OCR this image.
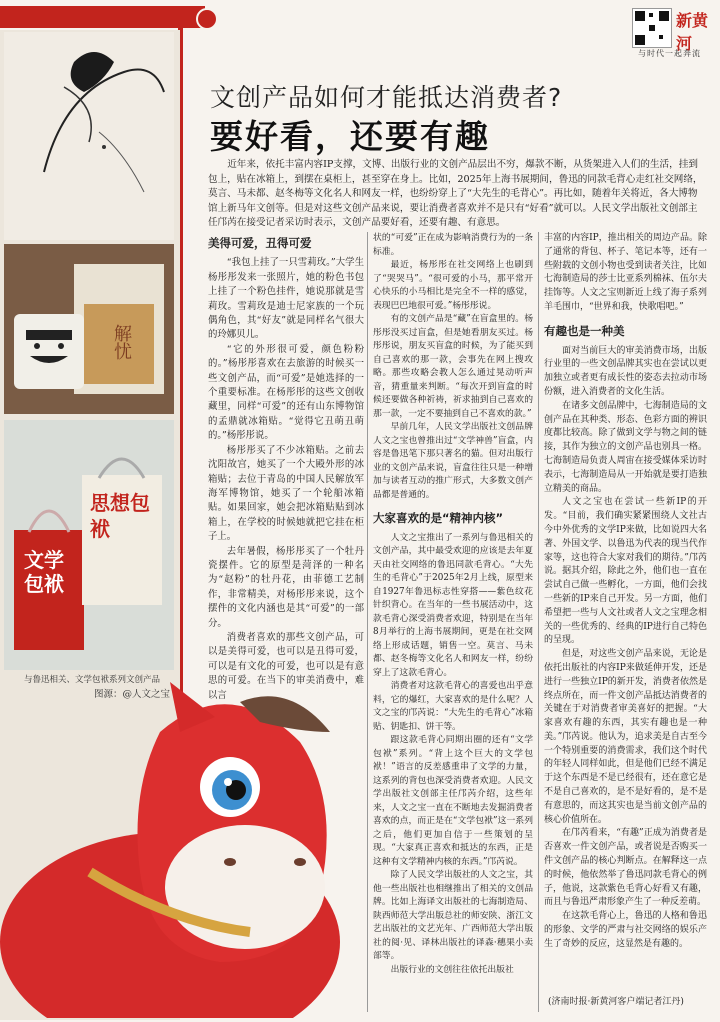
解忧
文学包袱
思想包袱
与鲁迅相关、文学包袱系列文创产品
图源：@人文之宝
新黄河
与时代一起奔流
文创产品如何才能抵达消费者?
要好看，还要有趣
近年来，依托丰富内容IP支撑，文博、出版行业的文创产品层出不穷，爆款不断，从货架进入人们的生活，挂到包上，贴在冰箱上，到摆在桌柜上，甚至穿在身上。比如，2025年上海书展期间，鲁迅的同款毛背心走红社交网络，莫言、马未都、赵冬梅等文化名人和网友一样，也纷纷穿上了“大先生的毛背心”。再比如，随着年关将近，各大博物馆上新马年文创等。但是对这些文创产品来说，要让消费者喜欢并不是只有“好看”就可以。人民文学出版社文创部主任邝芮在接受记者采访时表示，文创产品要好看，还要有趣、有意思。
美得可爱，丑得可爱

“我包上挂了一只雪莉玫。”大学生杨彤彤发来一张照片，她的粉色书包上挂了一个粉色挂件，她说那就是雪莉玫。雪莉玫是迪士尼家族的一个玩偶角色，其“好友”就是同样名气很大的玲娜贝儿。

“它的外形很可爱，颜色粉粉的。”杨彤彤喜欢在去旅游的时候买一些文创产品，而“可爱”是她选择的一个重要标准。在杨彤彤的这些文创收藏里，同样“可爱”的还有山东博物馆的孟鼎就冰箱贴。“觉得它丑萌丑萌的。”杨彤彤说。

杨彤彤买了不少冰箱贴。之前去沈阳故宫，她买了一个大殿外形的冰箱贴；去位于青岛的中国人民解放军海军博物馆，她买了一个轮船冰箱贴。如果回家，她会把冰箱贴贴到冰箱上，在学校的时候她就把它挂在柜子上。

去年暑假，杨彤彤买了一个牡丹瓷摆件。它的原型是菏泽的一种名为“赵粉”的牡丹花，由菲德工艺制作，非常精美，对杨彤彤来说，这个摆件的文化内涵也是其“可爱”的一部分。

消费者喜欢的那些文创产品，可以是美得可爱，也可以是丑得可爱，可以是有文化的可爱，也可以是有意思的可爱。在当下的审美消费中，难以言

状的“可爱”正在成为影响消费行为的一条标准。

最近，杨彤彤在社交网络上也刷到了“哭哭马”。“很可爱的小马，那平常开心快乐的小马相比是完全不一样的感觉，表现巴巴地很可爱。”杨彤彤说。

有的文创产品是“藏”在盲盒里的。杨彤彤没买过盲盒，但是她看朋友买过。杨彤彤说，朋友买盲盒的时候，为了能买到自己喜欢的那一款，会事先在网上搜攻略。那些攻略会教人怎么通过晃动听声音，猜重量来判断。“每次开到盲盒的时候还要做各种祈祷，祈求抽到自己喜欢的那一款，一定不要抽到自己不喜欢的款。”

早前几年，人民文学出版社文创品牌人文之宝也曾推出过“文学神兽”盲盒，内容是鲁迅笔下那只著名的猫。但对出版行业的文创产品来说，盲盒往往只是一种增加与读者互动的推广形式，大多数文创产品都是普通的。

大家喜欢的是“精神内核”

人文之宝推出了一系列与鲁迅相关的文创产品，其中最受欢迎的应该是去年夏天由社交网络的鲁迅同款毛背心。“大先生的毛背心”于2025年2月上线，原型来自1927年鲁迅标志性穿搭——紫色纹花针织背心。在当年的一些书展活动中，这款毛背心深受消费者欢迎，特别是在当年8月举行的上海书展期间，更是在社交网络上形成话题，销售一空。莫言、马未都、赵冬梅等文化名人和网友一样，纷纷穿上了这款毛背心。

消费者对这款毛背心的喜爱也出乎意料，它的爆红，大家喜欢的是什么呢？人文之宝的邝芮说：“大先生的毛背心”冰箱贴、钥匙扣、饼干等。

跟这款毛背心同期出圈的还有“文学包袱”系列。“背上这个巨大的文学包袱！”语言的反差感重串了文学的力量，这系列的背包也深受消费者欢迎。人民文学出版社文创部主任邝芮介绍，这些年来，人文之宝一直在不断地去发掘消费者喜欢的点，而正是在“文学包袱”这一系列之后，他们更加自信于一些策划的呈现。“大家真正喜欢和抵达的东西，正是这种有文学精神内核的东西。”邝芮说。

除了人民文学出版社的人文之宝，其他一些出版社也相继推出了相关的文创品牌。比如上海译文出版社的七海制造局、陕西师范大学出版总社的师安陕、浙江文艺出版社的文艺光年、广西师范大学出版社的阅·见、译林出版社的译森·穗果小卖部等。

出版行业的文创往往依托出版社

丰富的内容IP，推出相关的周边产品。除了通常的背包、杯子、笔记本等，还有一些附载的文创小物也受到读者关注，比如七海制造局的莎士比亚系列棉袜、伍尔夫挂饰等。人文之宝则新近上线了海子系列羊毛围巾，“世界和我，快歌唱吧。”

有趣也是一种美

面对当前巨大的审美消费市场，出版行业里的一些文创品牌其实也在尝试以更加独立或者更有成长性的姿态去拉动市场份额，进入消费者的文化生活。

在诸多文创品牌中，七海制造局的文创产品在其种类、形态、色彩方面的辨识度都比较高。除了做到文学与物之间的链接，其作为独立的文创产品也别具一格。七海制造局负责人周宙在接受媒体采访时表示，七海制造局从一开始就是要打造独立精美的商品。

人文之宝也在尝试一些新IP的开发。“目前，我们确实紧紧围绕人文社古今中外优秀的文学IP来做，比如说四大名著、外国文学、以鲁迅为代表的现当代作家等，这也符合大家对我们的期待。”邝芮说。据其介绍，除此之外，他们也一直在尝试自己做一些孵化，一方面，他们会找一些新的IP来自己开发。另一方面，他们希望把一些与人文社或者人文之宝理念相关的一些优秀的、经典的IP进行自己特色的呈现。

但是，对这些文创产品来说，无论是依托出版社的内容IP来做延伸开发，还是进行一些独立IP的新开发，消费者依然是终点所在，而一件文创产品抵达消费者的关键在于对消费者审美喜好的把握。“大家喜欢有趣的东西，其实有趣也是一种美。”邝芮说。他认为，追求美是自古至今一个特别重要的消费需求，我们这个时代的年轻人同样如此，但是他们已经不满足于这个东西是不是已经很有，还在意它是不是自己喜欢的，是不是好看的，是不是有意思的，而这其实也是当前文创产品的核心价值所在。

在邝芮看来，“有趣”正成为消费者是否喜欢一件文创产品，或者说是否购买一件文创产品的核心判断点。在解释这一点的时候，他依然举了鲁迅同款毛背心的例子，他说，这款紫色毛背心好看又有趣，而且与鲁迅严肃形象产生了一种反差萌。

在这款毛背心上，鲁迅的人格和鲁迅的形象、文学的严肃与社交网络的娱乐产生了奇妙的反应，这显然是有趣的。

(济南时报·新黄河客户端记者江丹)
